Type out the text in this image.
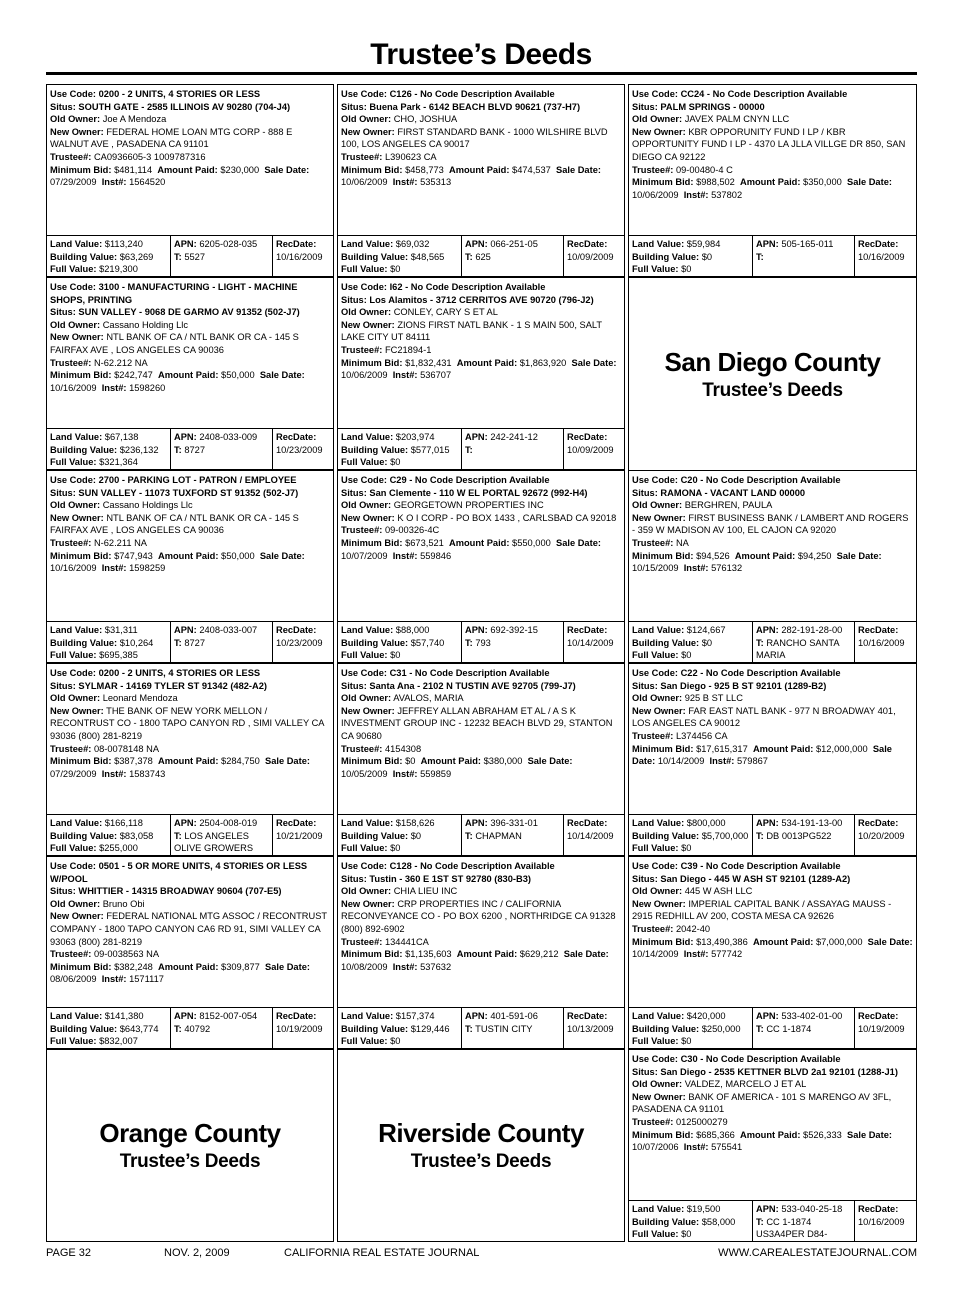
Trustee’s Deeds
Use Code: 0200 - 2 UNITS, 4 STORIES OR LESS
Situs: SOUTH GATE - 2585 ILLINOIS AV 90280 (704-J4)
Old Owner: Joe A Mendoza
New Owner: FEDERAL HOME LOAN MTG CORP - 888 E WALNUT AVE , PASADENA CA 91101
Trustee#: CA0936605-3 1009787316
Minimum Bid: $481,114 Amount Paid: $230,000 Sale Date: 07/29/2009 Inst#: 1564520
Land Value: $113,240
Building Value: $63,269
Full Value: $219,300
APN: 6205-028-035
T: 5527
RecDate:
10/16/2009
Use Code: C126 - No Code Description Available
Situs: Buena Park - 6142 BEACH BLVD 90621 (737-H7)
Old Owner: CHO, JOSHUA
New Owner: FIRST STANDARD BANK - 1000 WILSHIRE BLVD 100, LOS ANGELES CA 90017
Trustee#: L390623 CA
Minimum Bid: $458,773 Amount Paid: $474,537 Sale Date: 10/06/2009 Inst#: 535313
Land Value: $69,032
Building Value: $48,565
Full Value: $0
APN: 066-251-05
T: 625
RecDate:
10/09/2009
Use Code: CC24 - No Code Description Available
Situs: PALM SPRINGS - 00000
Old Owner: JAVEX PALM CNYN LLC
New Owner: KBR OPPORUNITY FUND I LP / KBR OPPORTUNITY FUND I LP - 4370 LA JLLA VILLGE DR 850, SAN DIEGO CA 92122
Trustee#: 09-00480-4 C
Minimum Bid: $988,502 Amount Paid: $350,000 Sale Date: 10/06/2009 Inst#: 537802
Land Value: $59,984
Building Value: $0
Full Value: $0
APN: 505-165-011
T:
RecDate:
10/16/2009
Use Code: 3100 - MANUFACTURING - LIGHT - MACHINE SHOPS, PRINTING
Situs: SUN VALLEY - 9068 DE GARMO AV 91352 (502-J7)
Old Owner: Cassano Holding Llc
New Owner: NTL BANK OF CA / NTL BANK OR CA - 145 S FAIRFAX AVE , LOS ANGELES CA 90036
Trustee#: N-62.212 NA
Minimum Bid: $242,747 Amount Paid: $50,000 Sale Date: 10/16/2009 Inst#: 1598260
Land Value: $67,138
Building Value: $236,132
Full Value: $321,364
APN: 2408-033-009
T: 8727
RecDate:
10/23/2009
Use Code: I62 - No Code Description Available
Situs: Los Alamitos - 3712 CERRITOS AVE 90720 (796-J2)
Old Owner: CONLEY, CARY S ET AL
New Owner: ZIONS FIRST NATL BANK - 1 S MAIN 500, SALT LAKE CITY UT 84111
Trustee#: FC21894-1
Minimum Bid: $1,832,431 Amount Paid: $1,863,920 Sale Date: 10/06/2009 Inst#: 536707
Land Value: $203,974
Building Value: $577,015
Full Value: $0
APN: 242-241-12
T:
RecDate:
10/09/2009
San Diego County
Trustee’s Deeds
Use Code: 2700 - PARKING LOT - PATRON / EMPLOYEE
Situs: SUN VALLEY - 11073 TUXFORD ST 91352 (502-J7)
Old Owner: Cassano Holdings Llc
New Owner: NTL BANK OF CA / NTL BANK OR CA - 145 S FAIRFAX AVE , LOS ANGELES CA 90036
Trustee#: N-62.211 NA
Minimum Bid: $747,943 Amount Paid: $50,000 Sale Date: 10/16/2009 Inst#: 1598259
Land Value: $31,311
Building Value: $10,264
Full Value: $695,385
APN: 2408-033-007
T: 8727
RecDate:
10/23/2009
Use Code: C29 - No Code Description Available
Situs: San Clemente - 110 W EL PORTAL 92672 (992-H4)
Old Owner: GEORGETOWN PROPERTIES INC
New Owner: K O I CORP - PO BOX 1433 , CARLSBAD CA 92018
Trustee#: 09-00326-4C
Minimum Bid: $673,521 Amount Paid: $550,000 Sale Date: 10/07/2009 Inst#: 559846
Land Value: $88,000
Building Value: $57,740
Full Value: $0
APN: 692-392-15
T: 793
RecDate:
10/14/2009
Use Code: C20 - No Code Description Available
Situs: RAMONA - VACANT LAND 00000
Old Owner: BERGHREN, PAULA
New Owner: FIRST BUSINESS BANK / LAMBERT AND ROGERS - 359 W MADISON AV 100, EL CAJON CA 92020
Trustee#: NA
Minimum Bid: $94,526 Amount Paid: $94,250 Sale Date: 10/15/2009 Inst#: 576132
Land Value: $124,667
Building Value: $0
Full Value: $0
APN: 282-191-28-00
T: RANCHO SANTA MARIA
RecDate:
10/16/2009
Use Code: 0200 - 2 UNITS, 4 STORIES OR LESS
Situs: SYLMAR - 14169 TYLER ST 91342 (482-A2)
Old Owner: Leonard Mendoza
New Owner: THE BANK OF NEW YORK MELLON / RECONTRUST CO - 1800 TAPO CANYON RD , SIMI VALLEY CA 93036 (800) 281-8219
Trustee#: 08-0078148 NA
Minimum Bid: $387,378 Amount Paid: $284,750 Sale Date: 07/29/2009 Inst#: 1583743
Land Value: $166,118
Building Value: $83,058
Full Value: $255,000
APN: 2504-008-019
T: LOS ANGELES OLIVE GROWERS
RecDate:
10/21/2009
Use Code: C31 - No Code Description Available
Situs: Santa Ana - 2102 N TUSTIN AVE 92705 (799-J7)
Old Owner: AVALOS, MARIA
New Owner: JEFFREY ALLAN ABRAHAM ET AL / A S K INVESTMENT GROUP INC - 12232 BEACH BLVD 29, STANTON CA 90680
Trustee#: 4154308
Minimum Bid: $0 Amount Paid: $380,000 Sale Date: 10/05/2009 Inst#: 559859
Land Value: $158,626
Building Value: $0
Full Value: $0
APN: 396-331-01
T: CHAPMAN
RecDate:
10/14/2009
Use Code: C22 - No Code Description Available
Situs: San Diego - 925 B ST 92101 (1289-B2)
Old Owner: 925 B ST LLC
New Owner: FAR EAST NATL BANK - 977 N BROADWAY 401, LOS ANGELES CA 90012
Trustee#: L374456 CA
Minimum Bid: $17,615,317 Amount Paid: $12,000,000 Sale Date: 10/14/2009 Inst#: 579867
Land Value: $800,000
Building Value: $5,700,000
Full Value: $0
APN: 534-191-13-00
T: DB 0013PG522
RecDate:
10/20/2009
Use Code: 0501 - 5 OR MORE UNITS, 4 STORIES OR LESS W/POOL
Situs: WHITTIER - 14315 BROADWAY 90604 (707-E5)
Old Owner: Bruno Obi
New Owner: FEDERAL NATIONAL MTG ASSOC / RECONTRUST COMPANY - 1800 TAPO CANYON CA6 RD 91, SIMI VALLEY CA 93063 (800) 281-8219
Trustee#: 09-0038563 NA
Minimum Bid: $382,248 Amount Paid: $309,877 Sale Date: 08/06/2009 Inst#: 1571117
Land Value: $141,380
Building Value: $643,774
Full Value: $832,007
APN: 8152-007-054
T: 40792
RecDate:
10/19/2009
Use Code: C128 - No Code Description Available
Situs: Tustin - 360 E 1ST ST 92780 (830-B3)
Old Owner: CHIA LIEU INC
New Owner: CRP PROPERTIES INC / CALIFORNIA RECONVEYANCE CO - PO BOX 6200 , NORTHRIDGE CA 91328 (800) 892-6902
Trustee#: 134441CA
Minimum Bid: $1,135,603 Amount Paid: $629,212 Sale Date: 10/08/2009 Inst#: 537632
Land Value: $157,374
Building Value: $129,446
Full Value: $0
APN: 401-591-06
T: TUSTIN CITY
RecDate:
10/13/2009
Use Code: C39 - No Code Description Available
Situs: San Diego - 445 W ASH ST 92101 (1289-A2)
Old Owner: 445 W ASH LLC
New Owner: IMPERIAL CAPITAL BANK / ASSAYAG MAUSS - 2915 REDHILL AV 200, COSTA MESA CA 92626
Trustee#: 2042-40
Minimum Bid: $13,490,386 Amount Paid: $7,000,000 Sale Date: 10/14/2009 Inst#: 577742
Land Value: $420,000
Building Value: $250,000
Full Value: $0
APN: 533-402-01-00
T: CC 1-1874
RecDate:
10/19/2009
Orange County
Trustee’s Deeds
Riverside County
Trustee’s Deeds
Use Code: C30 - No Code Description Available
Situs: San Diego - 2535 KETTNER BLVD 2a1 92101 (1288-J1)
Old Owner: VALDEZ, MARCELO J ET AL
New Owner: BANK OF AMERICA - 101 S MARENGO AV 3FL, PASADENA CA 91101
Trustee#: 0125000279
Minimum Bid: $685,366 Amount Paid: $526,333 Sale Date: 10/07/2006 Inst#: 575541
Land Value: $19,500
Building Value: $58,000
Full Value: $0
APN: 533-040-25-18
T: CC 1-1874 US3A4PER D84-
RecDate:
10/16/2009
PAGE 32	NOV. 2, 2009	CALIFORNIA REAL ESTATE JOURNAL	WWW.CAREALESTATEJOURNAL.COM
